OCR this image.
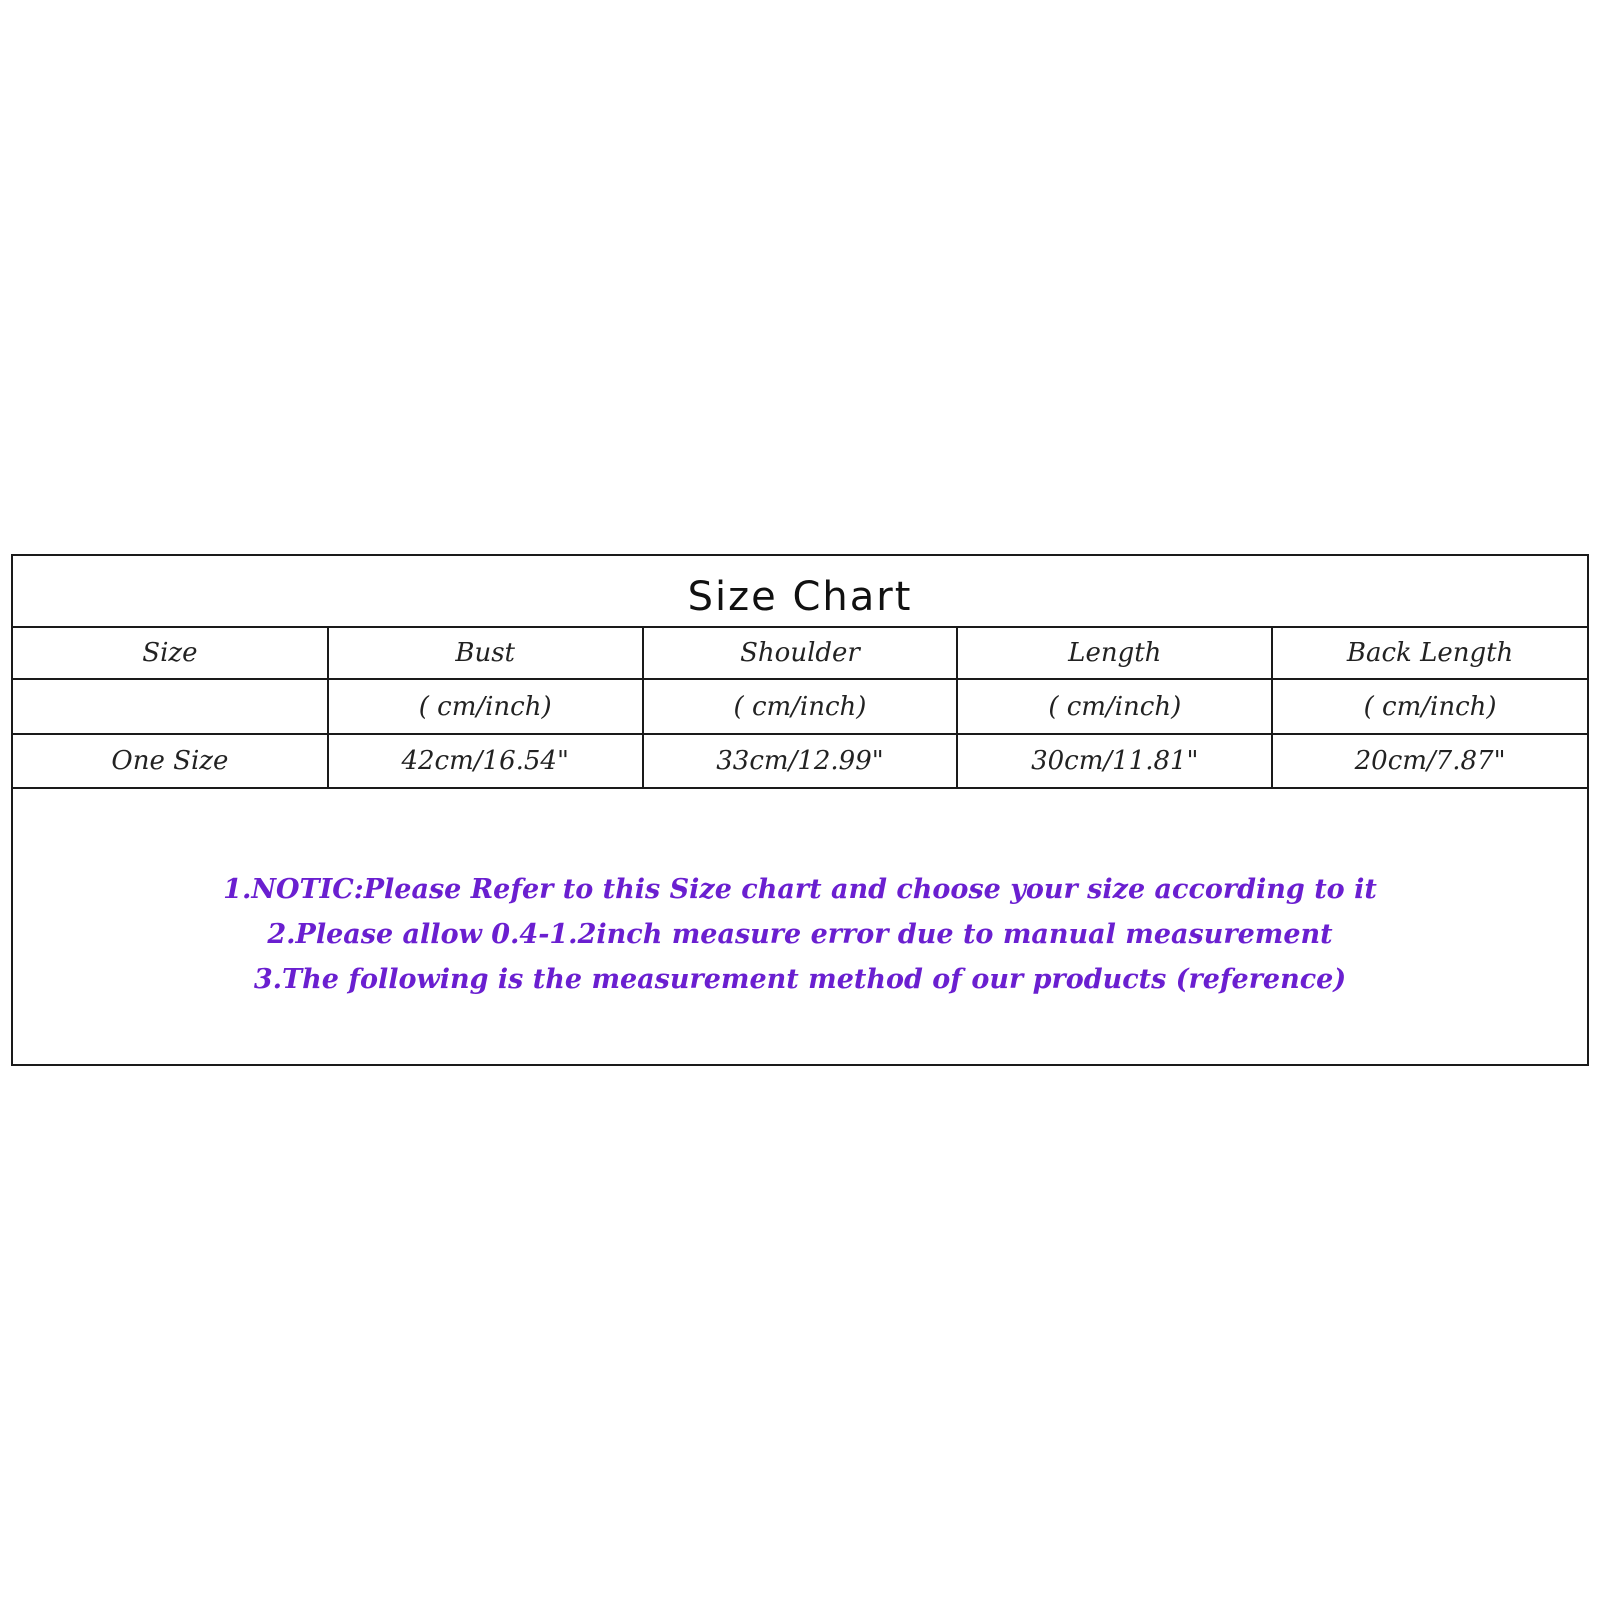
Size Chart
Size	Bust	Shoulder	Length	Back Length
	( cm/inch)	( cm/inch)	( cm/inch)	( cm/inch)
One Size	42cm/16.54"	33cm/12.99"	30cm/11.81"	20cm/7.87"
1.NOTIC:Please Refer to this Size chart and choose your size according to it
2.Please allow 0.4-1.2inch measure error due to manual measurement
3.The following is the measurement method of our products (reference)
